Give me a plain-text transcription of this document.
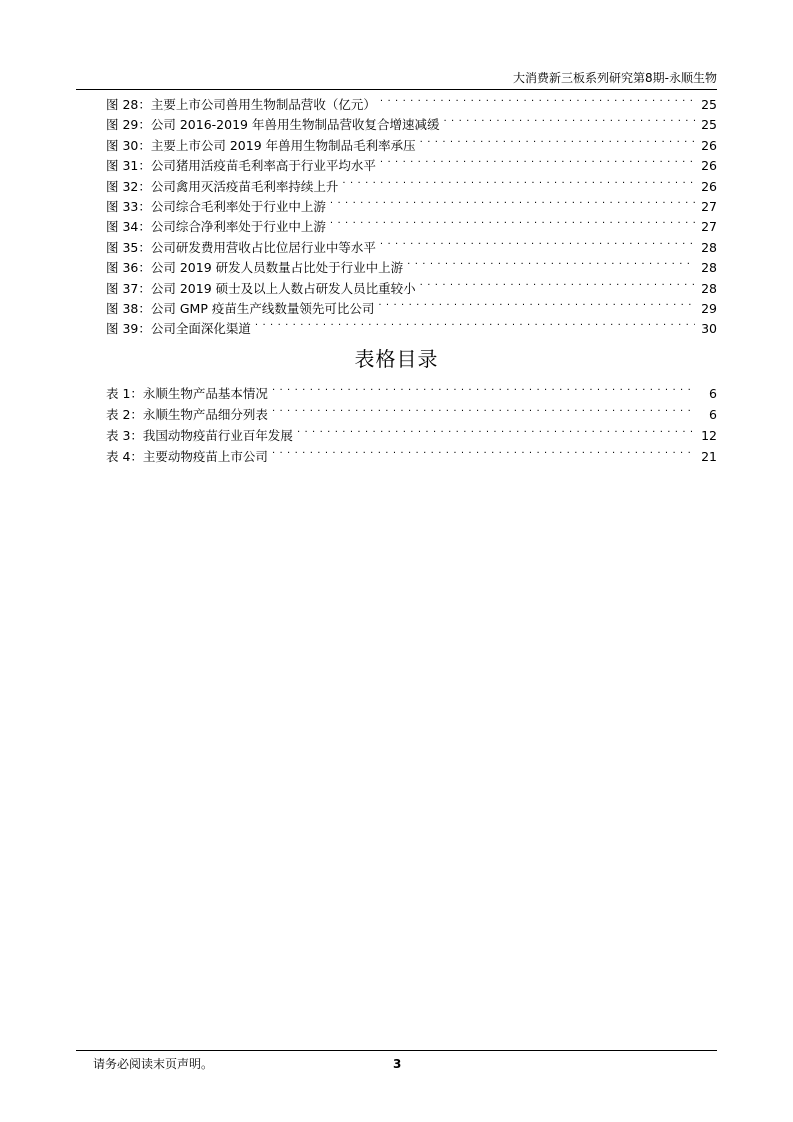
大消费新三板系列研究第8期-永顺生物
图 28：主要上市公司兽用生物制品营收（亿元） . . .	25
图 29：公司 2016-2019 年兽用生物制品营收复合增速减缓 . . .	25
图 30：主要上市公司 2019 年兽用生物制品毛利率承压 . . .	26
图 31：公司猪用活疫苗毛利率高于行业平均水平 . . .	26
图 32：公司禽用灭活疫苗毛利率持续上升 . . .	26
图 33：公司综合毛利率处于行业中上游 . . .	27
图 34：公司综合净利率处于行业中上游 . . .	27
图 35：公司研发费用营收占比位居行业中等水平 . . .	28
图 36：公司 2019 研发人员数量占比处于行业中上游 . . .	28
图 37：公司 2019 硕士及以上人数占研发人员比重较小 . . .	28
图 38：公司 GMP 疫苗生产线数量领先可比公司 . . .	29
图 39：公司全面深化渠道 . . .	30
表格目录
表 1：永顺生物产品基本情况 . . .	6
表 2：永顺生物产品细分列表 . . .	6
表 3：我国动物疫苗行业百年发展 . . .	12
表 4：主要动物疫苗上市公司 . . .	21
请务必阅读末页声明。	3
